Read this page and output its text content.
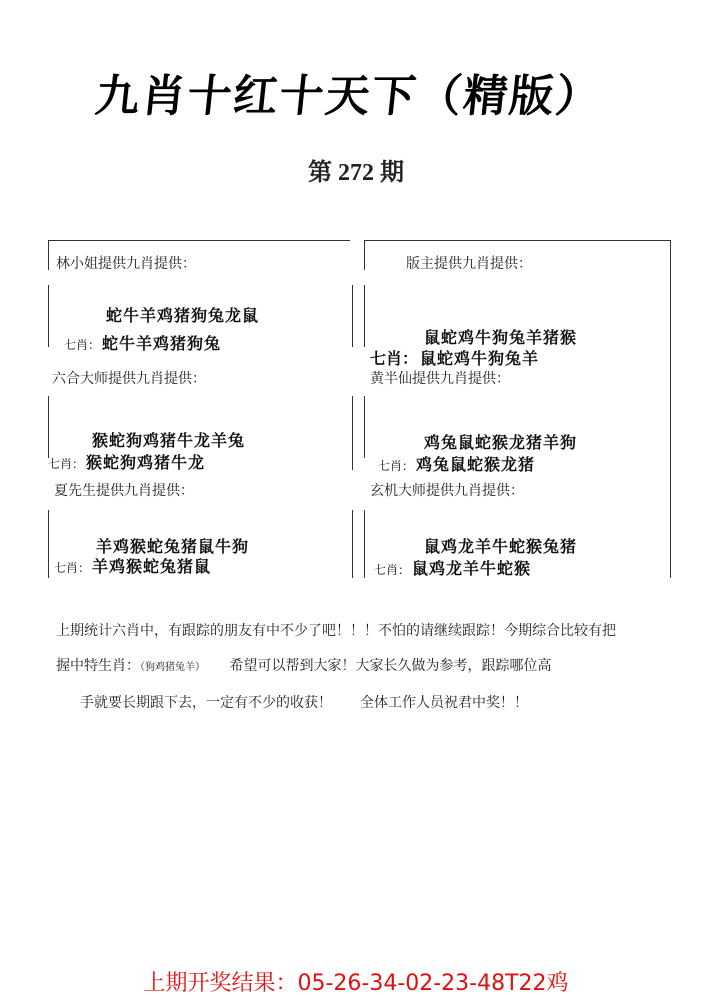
九肖十红十天下（精版）
第 272 期
林小姐提供九肖提供：
蛇牛羊鸡猪狗兔龙鼠
七肖： 蛇牛羊鸡猪狗兔
版主提供九肖提供：
鼠蛇鸡牛狗兔羊猪猴
七肖： 鼠蛇鸡牛狗兔羊
六合大师提供九肖提供：
猴蛇狗鸡猪牛龙羊兔
七肖： 猴蛇狗鸡猪牛龙
黄半仙提供九肖提供：
鸡兔鼠蛇猴龙猪羊狗
七肖： 鸡兔鼠蛇猴龙猪
夏先生提供九肖提供：
羊鸡猴蛇兔猪鼠牛狗
七肖： 羊鸡猴蛇兔猪鼠
玄机大师提供九肖提供：
鼠鸡龙羊牛蛇猴兔猪
七肖： 鼠鸡龙羊牛蛇猴
上期统计六肖中，有跟踪的朋友有中不少了吧！！！不怕的请继续跟踪！今期综合比较有把
握中特生肖：（狗鸡猪兔羊） 希望可以帮到大家！大家长久做为参考，跟踪哪位高
手就要长期跟下去，一定有不少的收获！　　全体工作人员祝君中奖！！
上期开奖结果：05-26-34-02-23-48T22鸡
